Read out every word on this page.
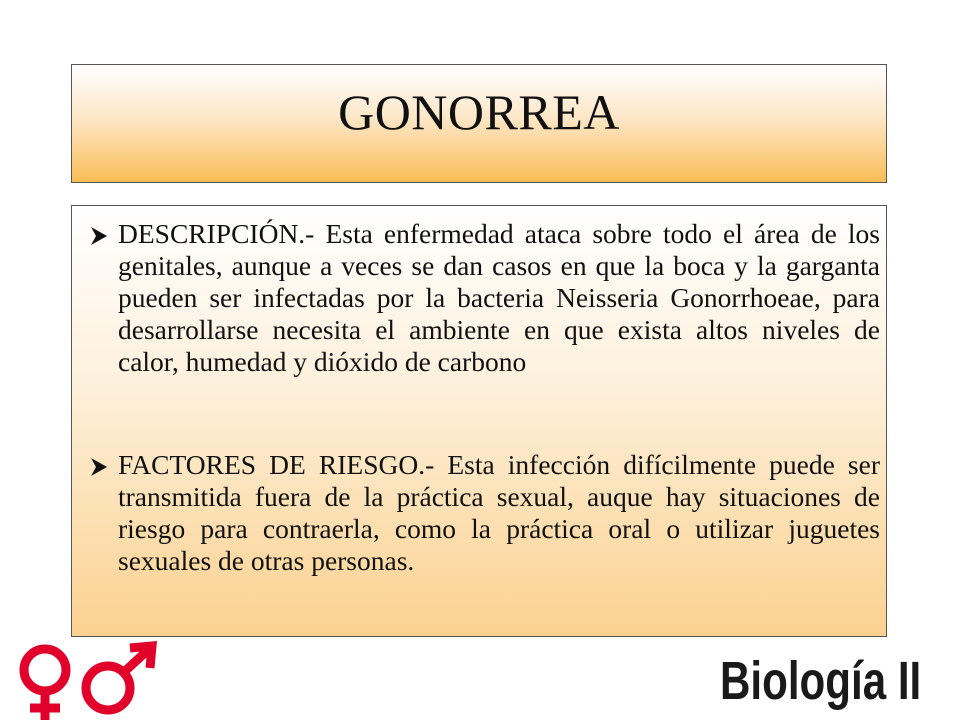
GONORREA
DESCRIPCIÓN.- Esta enfermedad ataca sobre todo el área de los genitales, aunque a veces se dan casos en que la boca y la garganta pueden ser infectadas por la bacteria Neisseria Gonorrhoeae, para desarrollarse necesita el ambiente en que exista altos niveles de calor, humedad y dióxido de carbono
FACTORES DE RIESGO.- Esta infección difícilmente puede ser transmitida fuera de la práctica sexual, auque hay situaciones de riesgo para contraerla, como la práctica oral o utilizar juguetes sexuales de otras personas.
Biología II
